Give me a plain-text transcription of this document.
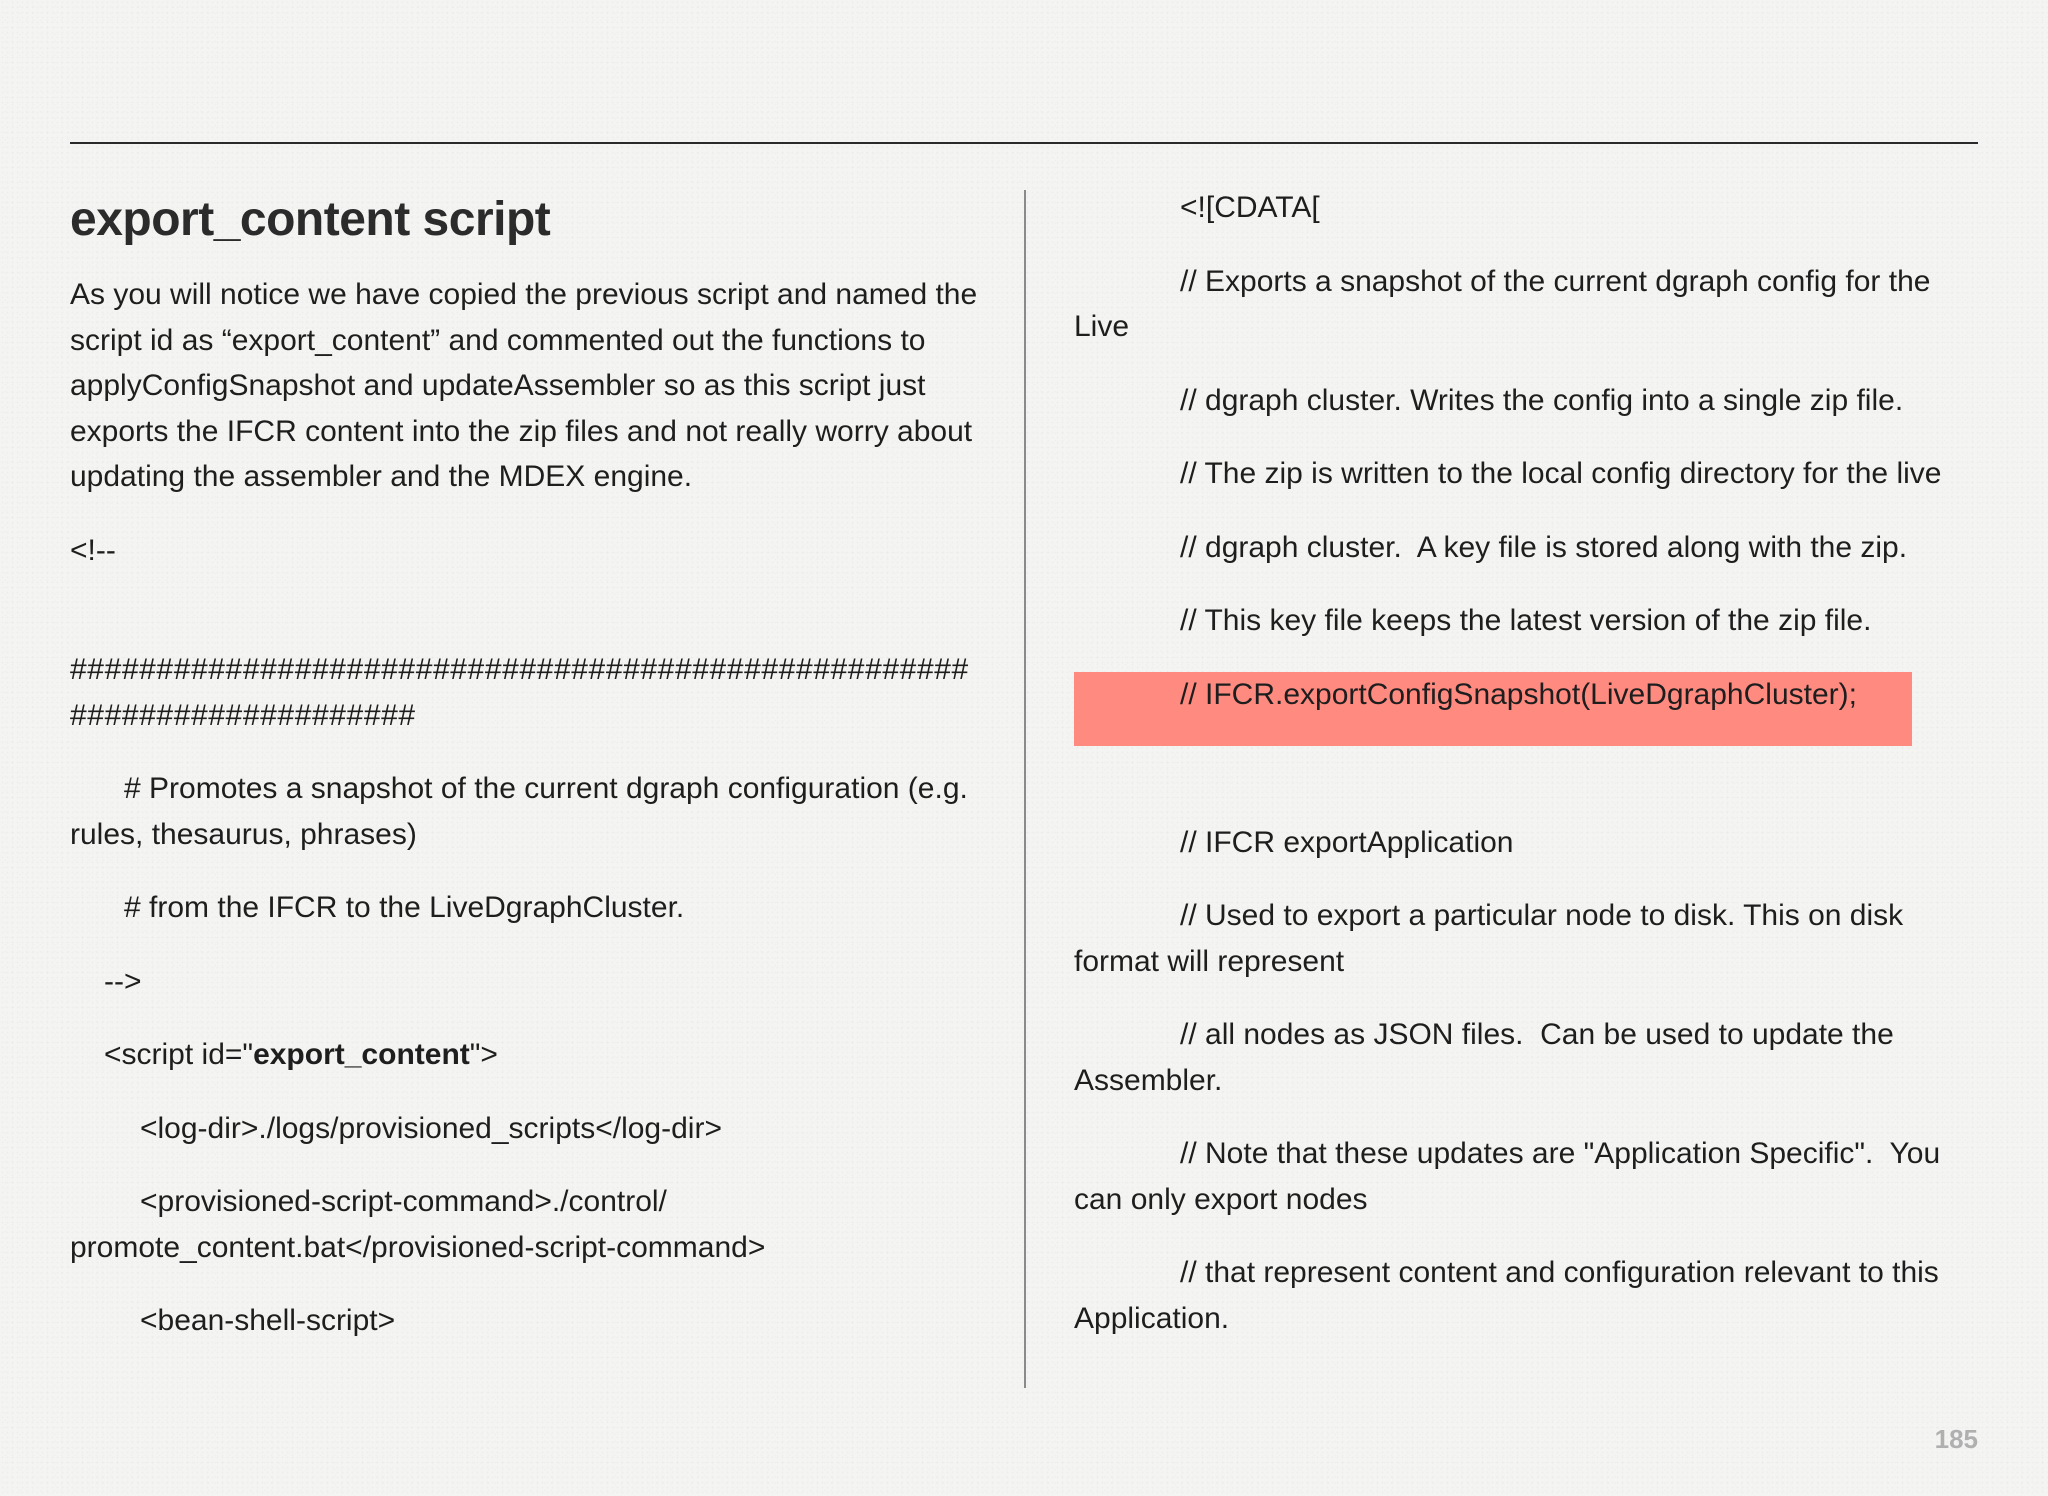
export_content script

As you will notice we have copied the previous script and named the script id as “export_content” and commented out the functions to applyConfigSnapshot and updateAssembler so as this script just exports the IFCR content into the zip files and not really worry about updating the assembler and the MDEX engine.

<!--

########################################################################

# Promotes a snapshot of the current dgraph configuration (e.g. rules, thesaurus, phrases)

# from the IFCR to the LiveDgraphCluster.

-->

<script id="export_content">

<log-dir>./logs/provisioned_scripts</log-dir>

<provisioned-script-command>./control/ promote_content.bat</provisioned-script-command>

<bean-shell-script>

<![CDATA[

// Exports a snapshot of the current dgraph config for the Live

// dgraph cluster. Writes the config into a single zip file.

// The zip is written to the local config directory for the live

// dgraph cluster.  A key file is stored along with the zip.

// This key file keeps the latest version of the zip file.

// IFCR.exportConfigSnapshot(LiveDgraphCluster);

// IFCR exportApplication

// Used to export a particular node to disk. This on disk format will represent

// all nodes as JSON files.  Can be used to update the Assembler.

// Note that these updates are "Application Specific".  You can only export nodes

// that represent content and configuration relevant to this Application.

185
